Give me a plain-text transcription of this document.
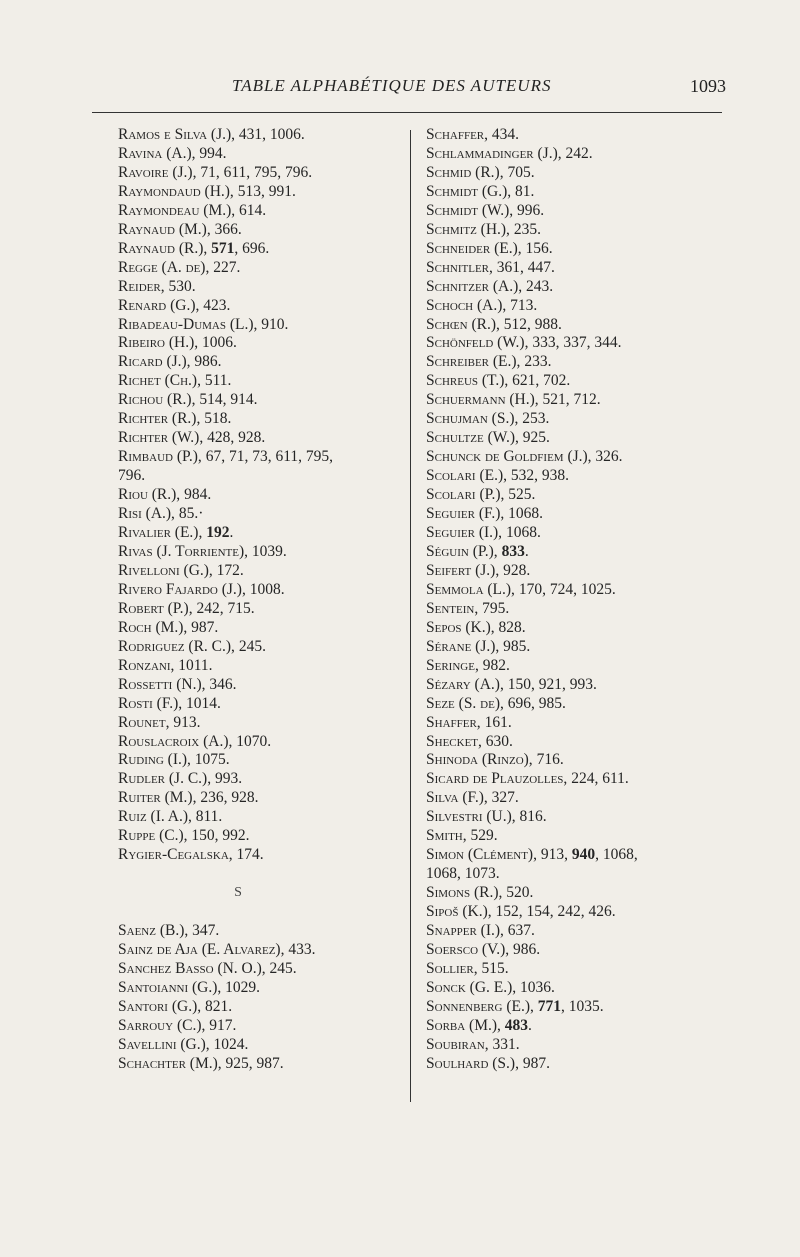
TABLE ALPHABÉTIQUE DES AUTEURS	1093
Ramos e Silva (J.), 431, 1006.
Ravina (A.), 994.
Ravoire (J.), 71, 611, 795, 796.
Raymondaud (H.), 513, 991.
Raymondeau (M.), 614.
Raynaud (M.), 366.
Raynaud (R.), 571, 696.
Regge (A. de), 227.
Reider, 530.
Renard (G.), 423.
Ribadeau-Dumas (L.), 910.
Ribeiro (H.), 1006.
Ricard (J.), 986.
Richet (Ch.), 511.
Richou (R.), 514, 914.
Richter (R.), 518.
Richter (W.), 428, 928.
Rimbaud (P.), 67, 71, 73, 611, 795,
796.
Riou (R.), 984.
Risi (A.), 85.·
Rivalier (E.), 192.
Rivas (J. Torriente), 1039.
Rivelloni (G.), 172.
Rivero Fajardo (J.), 1008.
Robert (P.), 242, 715.
Roch (M.), 987.
Rodriguez (R. C.), 245.
Ronzani, 1011.
Rossetti (N.), 346.
Rosti (F.), 1014.
Rounet, 913.
Rouslacroix (A.), 1070.
Ruding (I.), 1075.
Rudler (J. C.), 993.
Ruiter (M.), 236, 928.
Ruiz (I. A.), 811.
Ruppe (C.), 150, 992.
Rygier-Cegalska, 174.
S
Saenz (B.), 347.
Sainz de Aja (E. Alvarez), 433.
Sanchez Basso (N. O.), 245.
Santoianni (G.), 1029.
Santori (G.), 821.
Sarrouy (C.), 917.
Savellini (G.), 1024.
Schachter (M.), 925, 987.
Schaffer, 434.
Schlammadinger (J.), 242.
Schmid (R.), 705.
Schmidt (G.), 81.
Schmidt (W.), 996.
Schmitz (H.), 235.
Schneider (E.), 156.
Schnitler, 361, 447.
Schnitzer (A.), 243.
Schoch (A.), 713.
Schœn (R.), 512, 988.
Schönfeld (W.), 333, 337, 344.
Schreiber (E.), 233.
Schreus (T.), 621, 702.
Schuermann (H.), 521, 712.
Schujman (S.), 253.
Schultze (W.), 925.
Schunck de Goldfiem (J.), 326.
Scolari (E.), 532, 938.
Scolari (P.), 525.
Seguier (F.), 1068.
Seguier (I.), 1068.
Séguin (P.), 833.
Seifert (J.), 928.
Semmola (L.), 170, 724, 1025.
Sentein, 795.
Sepos (K.), 828.
Sérane (J.), 985.
Seringe, 982.
Sézary (A.), 150, 921, 993.
Seze (S. de), 696, 985.
Shaffer, 161.
Shecket, 630.
Shinoda (Rinzo), 716.
Sicard de Plauzolles, 224, 611.
Silva (F.), 327.
Silvestri (U.), 816.
Smith, 529.
Simon (Clément), 913, 940, 1068,
1068, 1073.
Simons (R.), 520.
Sipoš (K.), 152, 154, 242, 426.
Snapper (I.), 637.
Soersco (V.), 986.
Sollier, 515.
Sonck (G. E.), 1036.
Sonnenberg (E.), 771, 1035.
Sorba (M.), 483.
Soubiran, 331.
Soulhard (S.), 987.
